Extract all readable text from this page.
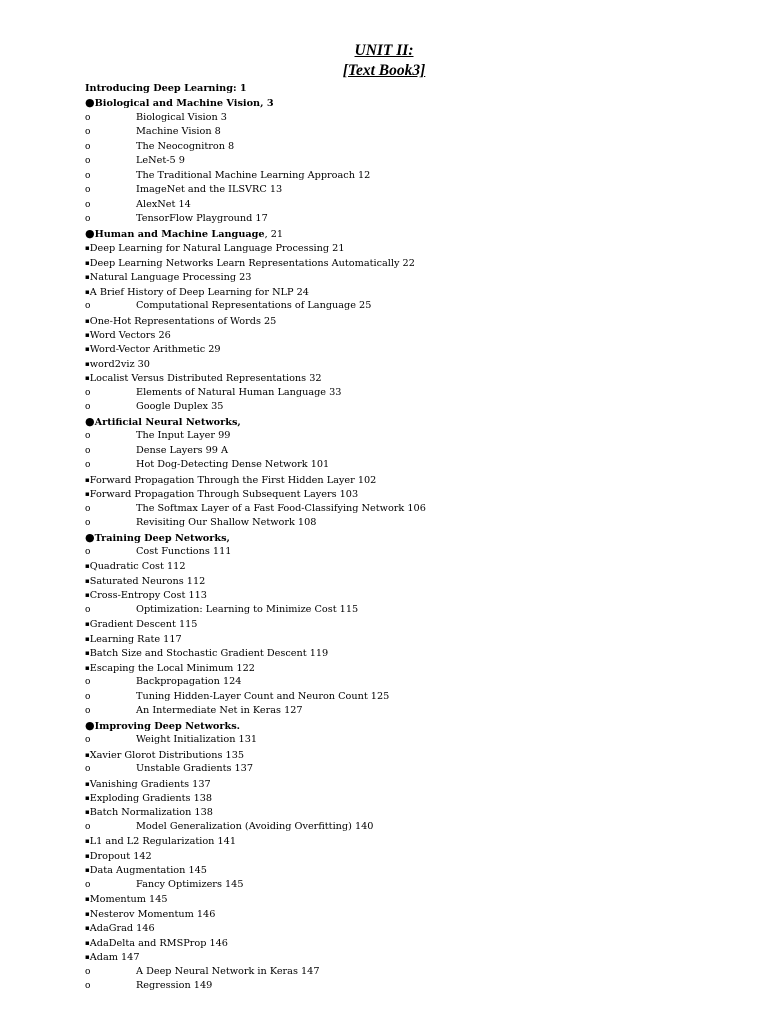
UNIT II:
[Text Book3]
Introducing Deep Learning: 1
●Biological and Machine Vision, 3
o	Biological Vision 3
o	Machine Vision 8
o	The Neocognitron 8
o	LeNet-5 9
o	The Traditional Machine Learning Approach 12
o	ImageNet and the ILSVRC 13
o	AlexNet 14
o	TensorFlow Playground 17
●Human and Machine Language, 21
▪Deep Learning for Natural Language Processing 21
▪Deep Learning Networks Learn Representations Automatically 22
▪Natural Language Processing 23
▪A Brief History of Deep Learning for NLP 24
o	Computational Representations of Language 25
▪One-Hot Representations of Words 25
▪Word Vectors 26
▪Word-Vector Arithmetic 29
▪word2viz 30
▪Localist Versus Distributed Representations 32
o	Elements of Natural Human Language 33
o	Google Duplex 35
●Artificial Neural Networks,
o	The Input Layer 99
o	Dense Layers 99 A
o	Hot Dog-Detecting Dense Network 101
▪Forward Propagation Through the First Hidden Layer 102
▪Forward Propagation Through Subsequent Layers 103
o	The Softmax Layer of a Fast Food-Classifying Network 106
o	Revisiting Our Shallow Network 108
●Training Deep Networks,
o	Cost Functions 111
▪Quadratic Cost 112
▪Saturated Neurons 112
▪Cross-Entropy Cost 113
o	Optimization: Learning to Minimize Cost 115
▪Gradient Descent 115
▪Learning Rate 117
▪Batch Size and Stochastic Gradient Descent 119
▪Escaping the Local Minimum 122
o	Backpropagation 124
o	Tuning Hidden-Layer Count and Neuron Count 125
o	An Intermediate Net in Keras 127
●Improving Deep Networks.
o	Weight Initialization 131
▪Xavier Glorot Distributions 135
o	Unstable Gradients 137
▪Vanishing Gradients 137
▪Exploding Gradients 138
▪Batch Normalization 138
o	Model Generalization (Avoiding Overfitting) 140
▪L1 and L2 Regularization 141
▪Dropout 142
▪Data Augmentation 145
o	Fancy Optimizers 145
▪Momentum 145
▪Nesterov Momentum 146
▪AdaGrad 146
▪AdaDelta and RMSProp 146
▪Adam 147
o	A Deep Neural Network in Keras 147
o	Regression 149
